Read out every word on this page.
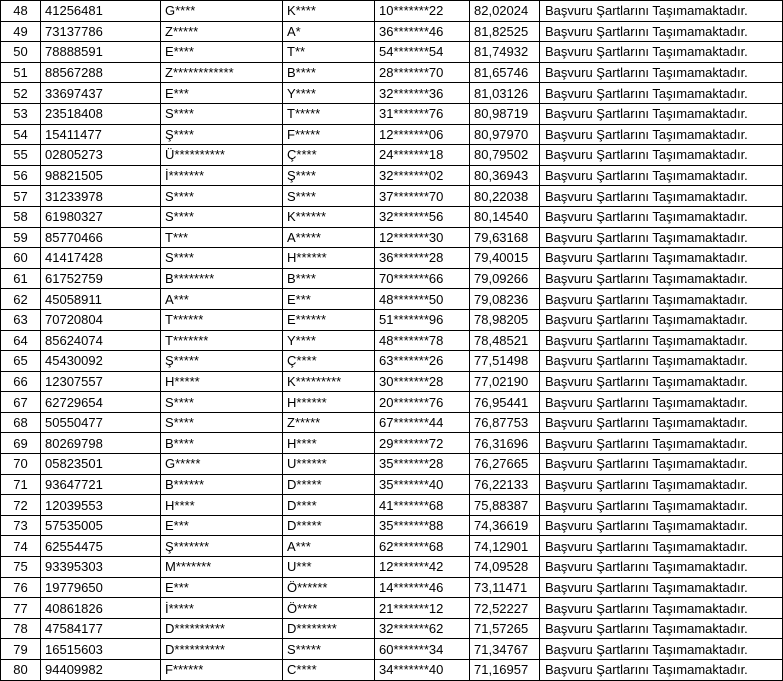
48	41256481	G****	K****	10*******22	82,02024	Başvuru Şartlarını Taşımamaktadır.
49	73137786	Z*****	A*	36*******46	81,82525	Başvuru Şartlarını Taşımamaktadır.
50	78888591	E****	T**	54*******54	81,74932	Başvuru Şartlarını Taşımamaktadır.
51	88567288	Z************	B****	28*******70	81,65746	Başvuru Şartlarını Taşımamaktadır.
52	33697437	E***	Y****	32*******36	81,03126	Başvuru Şartlarını Taşımamaktadır.
53	23518408	S****	T*****	31*******76	80,98719	Başvuru Şartlarını Taşımamaktadır.
54	15411477	Ş****	F*****	12*******06	80,97970	Başvuru Şartlarını Taşımamaktadır.
55	02805273	Ü**********	Ç****	24*******18	80,79502	Başvuru Şartlarını Taşımamaktadır.
56	98821505	İ*******	Ş****	32*******02	80,36943	Başvuru Şartlarını Taşımamaktadır.
57	31233978	S****	S****	37*******70	80,22038	Başvuru Şartlarını Taşımamaktadır.
58	61980327	S****	K******	32*******56	80,14540	Başvuru Şartlarını Taşımamaktadır.
59	85770466	T***	A*****	12*******30	79,63168	Başvuru Şartlarını Taşımamaktadır.
60	41417428	S****	H******	36*******28	79,40015	Başvuru Şartlarını Taşımamaktadır.
61	61752759	B********	B****	70*******66	79,09266	Başvuru Şartlarını Taşımamaktadır.
62	45058911	A***	E***	48*******50	79,08236	Başvuru Şartlarını Taşımamaktadır.
63	70720804	T******	E******	51*******96	78,98205	Başvuru Şartlarını Taşımamaktadır.
64	85624074	T*******	Y****	48*******78	78,48521	Başvuru Şartlarını Taşımamaktadır.
65	45430092	Ş*****	Ç****	63*******26	77,51498	Başvuru Şartlarını Taşımamaktadır.
66	12307557	H*****	K*********	30*******28	77,02190	Başvuru Şartlarını Taşımamaktadır.
67	62729654	S****	H******	20*******76	76,95441	Başvuru Şartlarını Taşımamaktadır.
68	50550477	S****	Z*****	67*******44	76,87753	Başvuru Şartlarını Taşımamaktadır.
69	80269798	B****	H****	29*******72	76,31696	Başvuru Şartlarını Taşımamaktadır.
70	05823501	G*****	U******	35*******28	76,27665	Başvuru Şartlarını Taşımamaktadır.
71	93647721	B******	D*****	35*******40	76,22133	Başvuru Şartlarını Taşımamaktadır.
72	12039553	H****	D****	41*******68	75,88387	Başvuru Şartlarını Taşımamaktadır.
73	57535005	E***	D*****	35*******88	74,36619	Başvuru Şartlarını Taşımamaktadır.
74	62554475	Ş*******	A***	62*******68	74,12901	Başvuru Şartlarını Taşımamaktadır.
75	93395303	M*******	U***	12*******42	74,09528	Başvuru Şartlarını Taşımamaktadır.
76	19779650	E***	Ö******	14*******46	73,11471	Başvuru Şartlarını Taşımamaktadır.
77	40861826	İ*****	Ö****	21*******12	72,52227	Başvuru Şartlarını Taşımamaktadır.
78	47584177	D**********	D********	32*******62	71,57265	Başvuru Şartlarını Taşımamaktadır.
79	16515603	D**********	S*****	60*******34	71,34767	Başvuru Şartlarını Taşımamaktadır.
80	94409982	F******	C****	34*******40	71,16957	Başvuru Şartlarını Taşımamaktadır.
